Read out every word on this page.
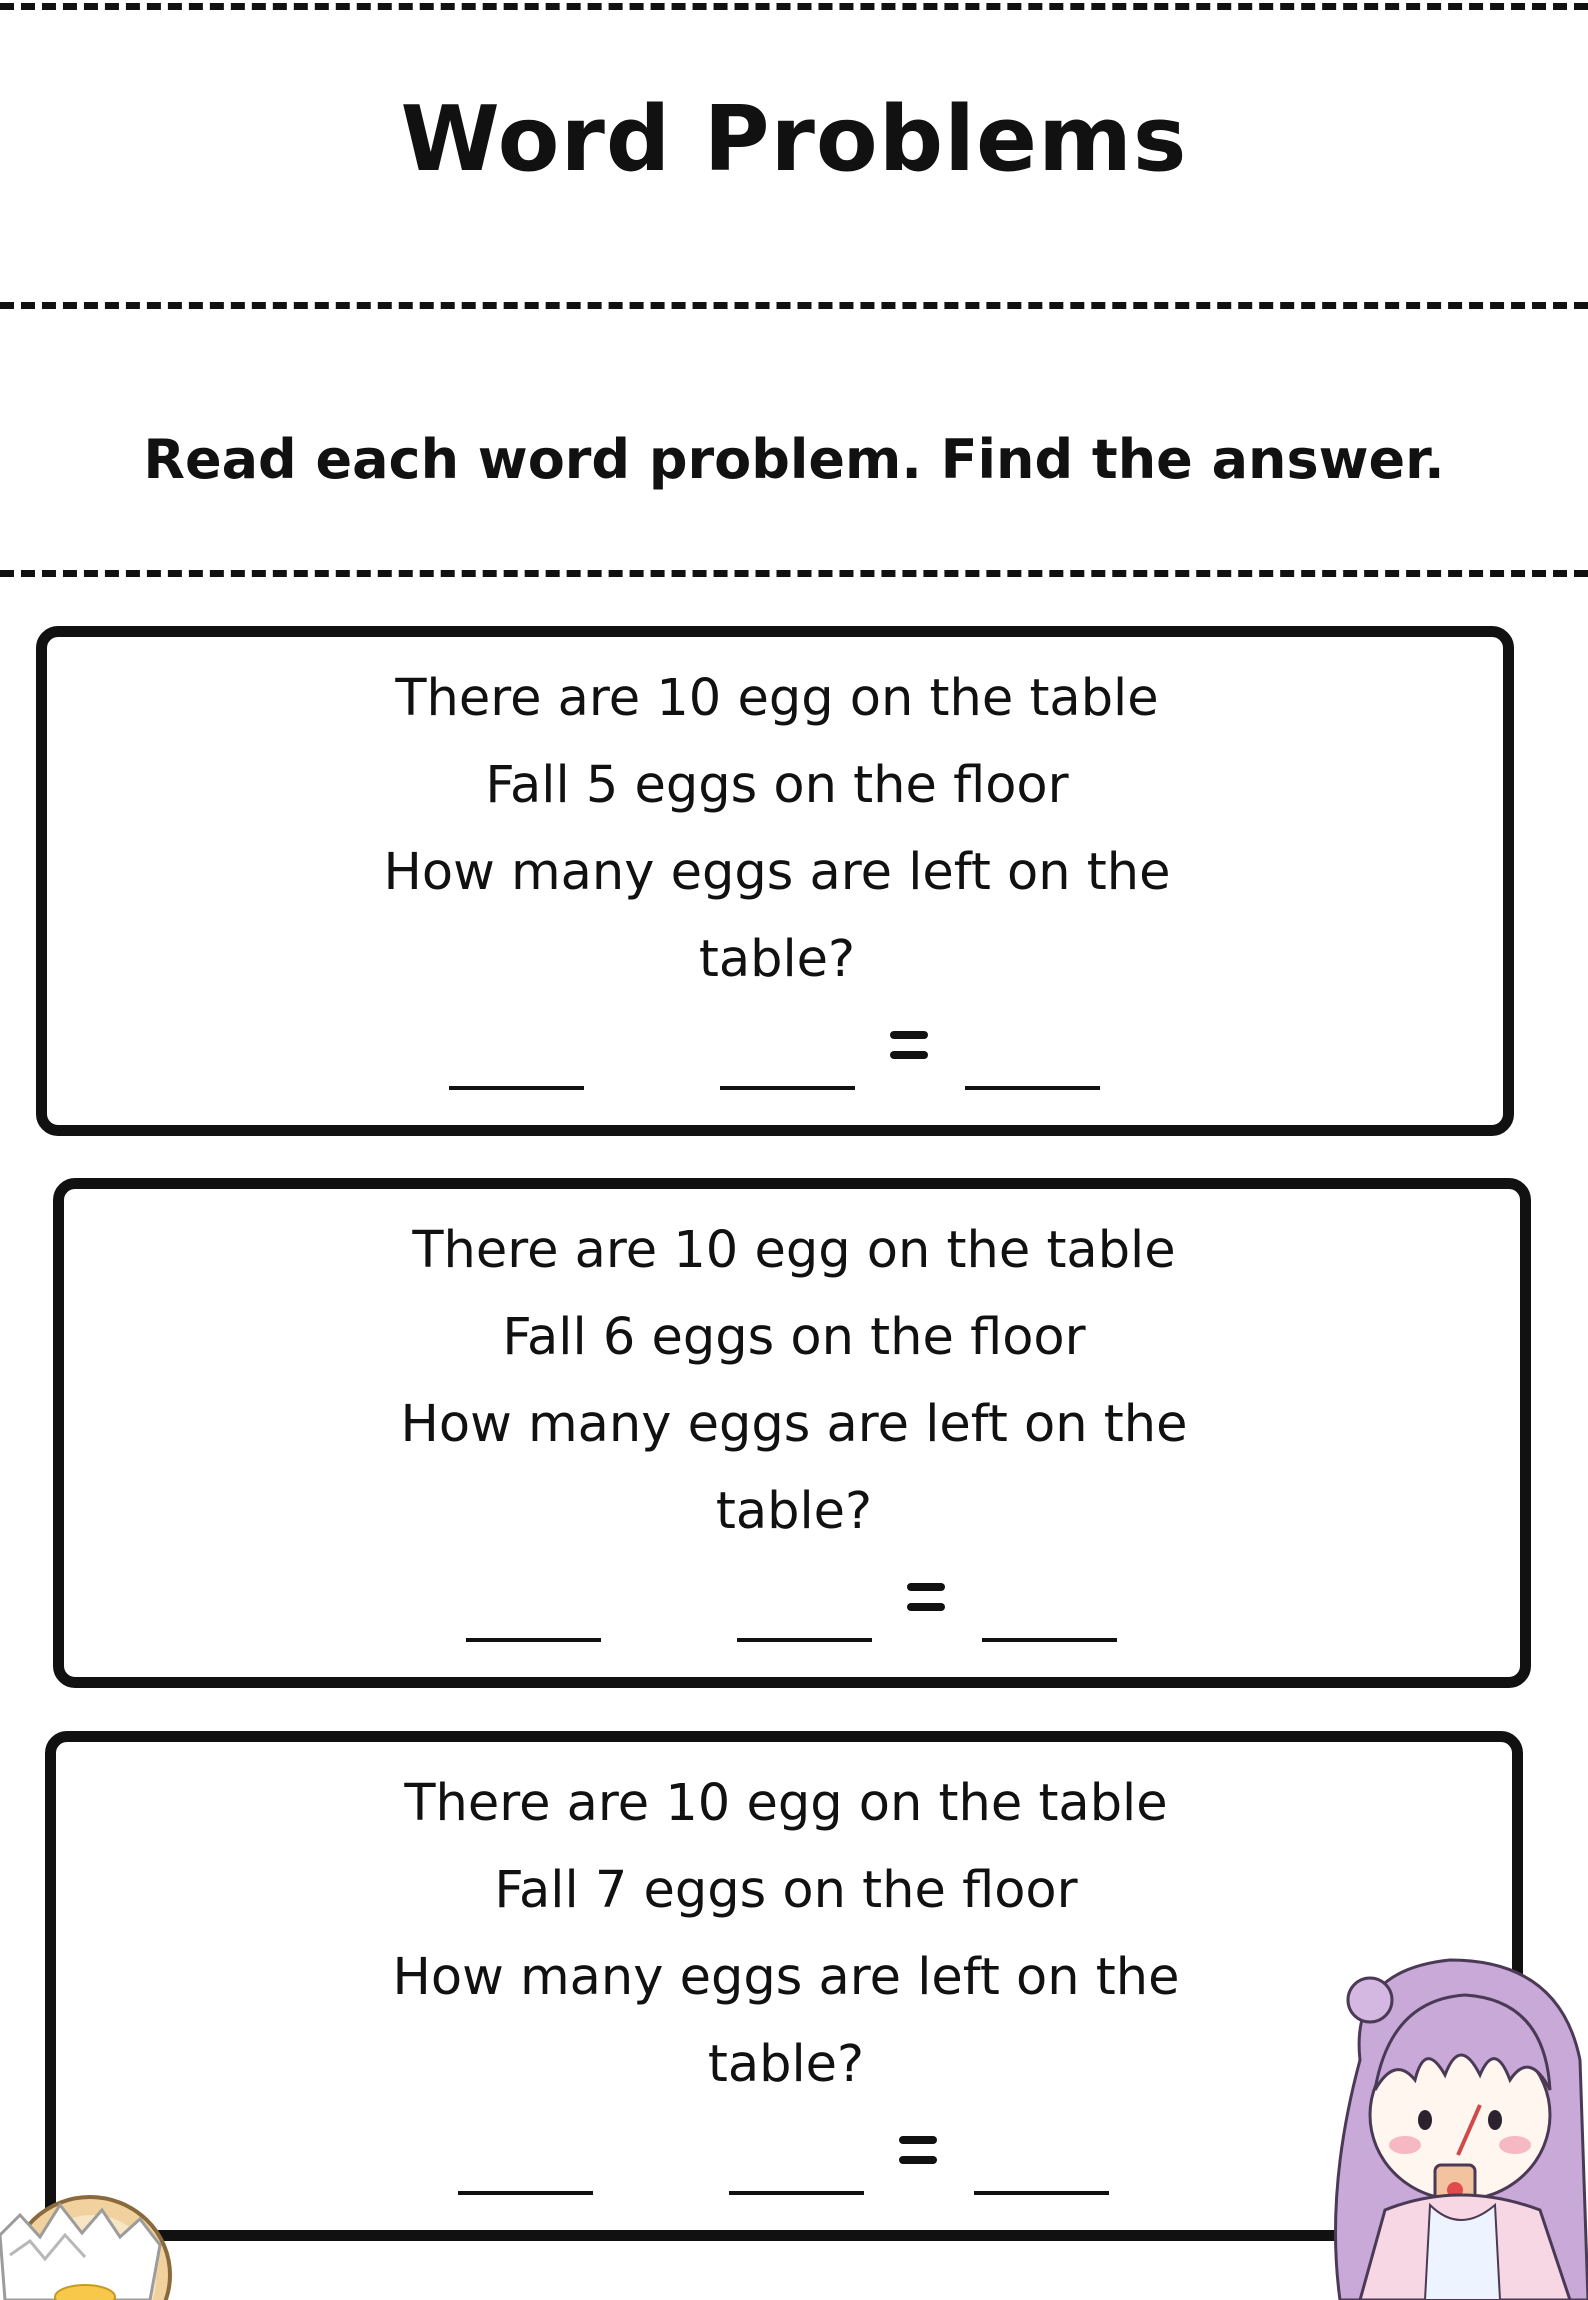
Word Problems
Read each word problem. Find the answer.
There are 10 egg on the table
Fall 5 eggs on the floor
How many eggs are left on the
table?
There are 10 egg on the table
Fall 6 eggs on the floor
How many eggs are left on the
table?
There are 10 egg on the table
Fall 7 eggs on the floor
How many eggs are left on the
table?
